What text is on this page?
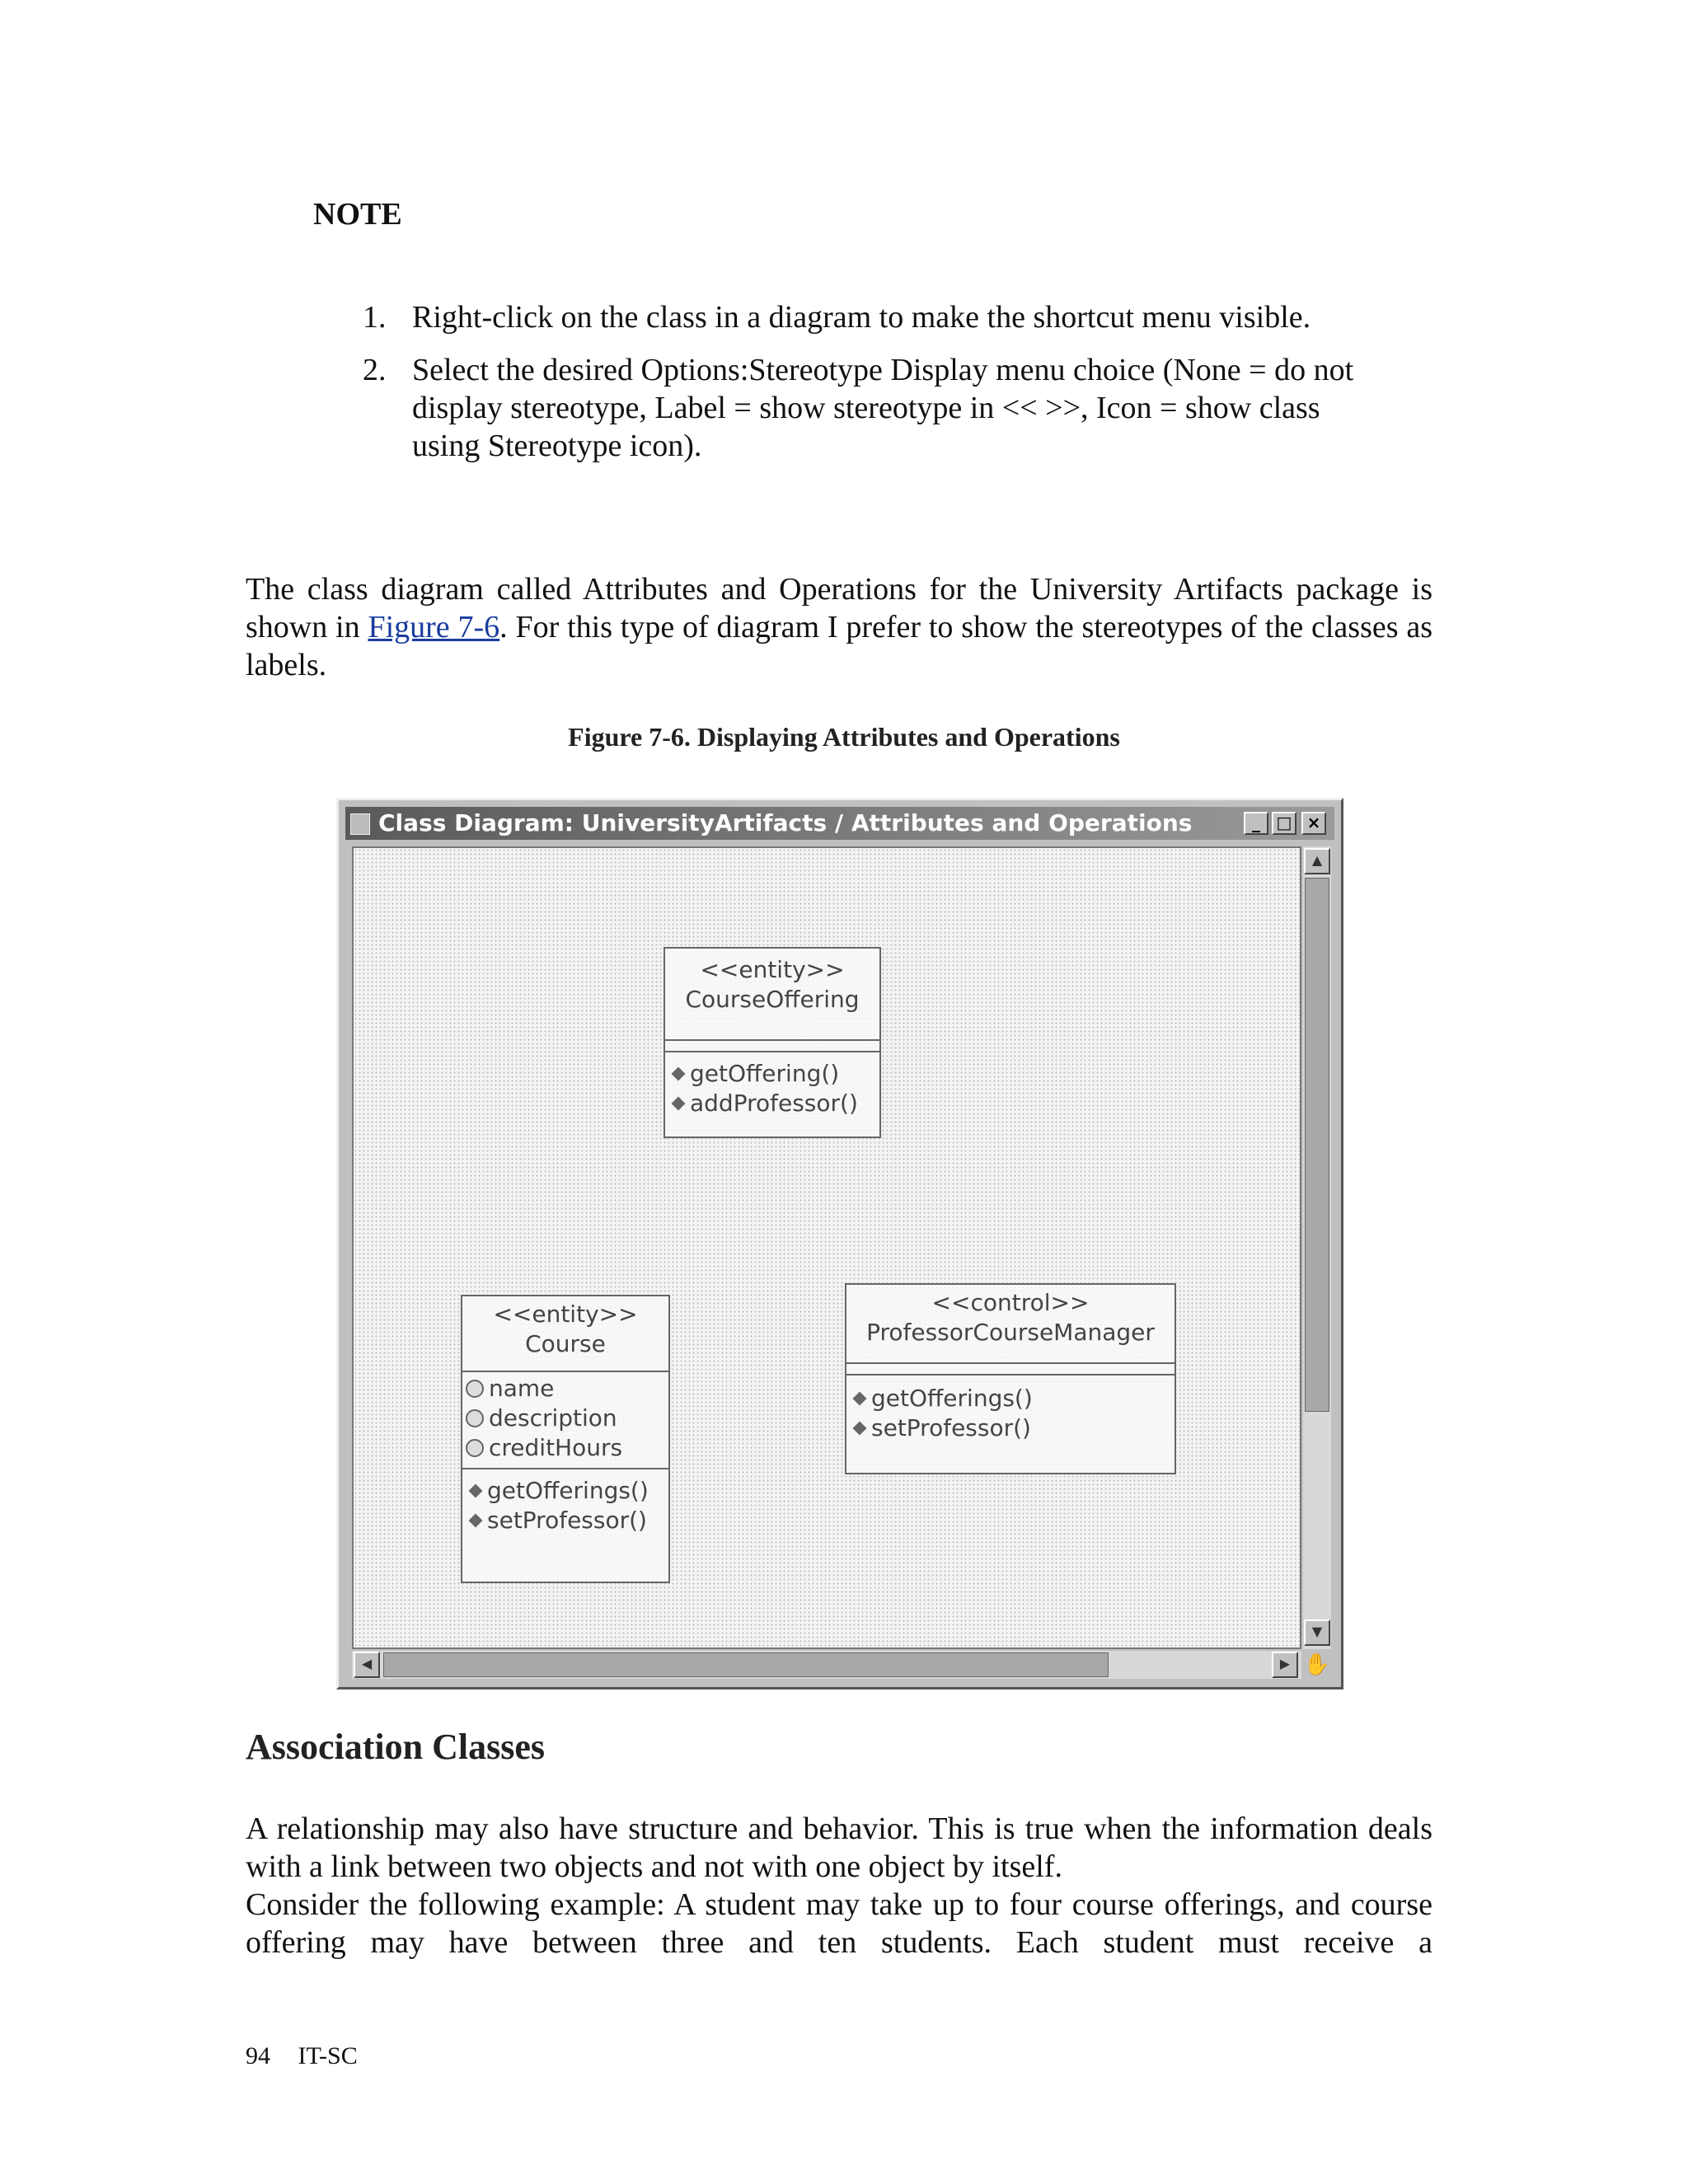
NOTE
1. Right-click on the class in a diagram to make the shortcut menu visible.
2. Select the desired Options:Stereotype Display menu choice (None = do not display stereotype, Label = show stereotype in << >>, Icon = show class using Stereotype icon).
The class diagram called Attributes and Operations for the University Artifacts package is shown in Figure 7-6. For this type of diagram I prefer to show the stereotypes of the classes as labels.
Figure 7-6. Displaying Attributes and Operations
Class Diagram: UniversityArtifacts / Attributes and Operations	_ □ ×
<<entity>>
CourseOffering
getOffering()
addProfessor()
<<entity>>
Course
name
description
creditHours
getOfferings()
setProfessor()
<<control>>
ProfessorCourseManager
getOfferings()
setProfessor()
▲
▼
◀	▶ ✋
Association Classes
A relationship may also have structure and behavior. This is true when the information deals with a link between two objects and not with one object by itself.
Consider the following example: A student may take up to four course offerings, and course offering may have between three and ten students. Each student must receive a
94 IT-SC
